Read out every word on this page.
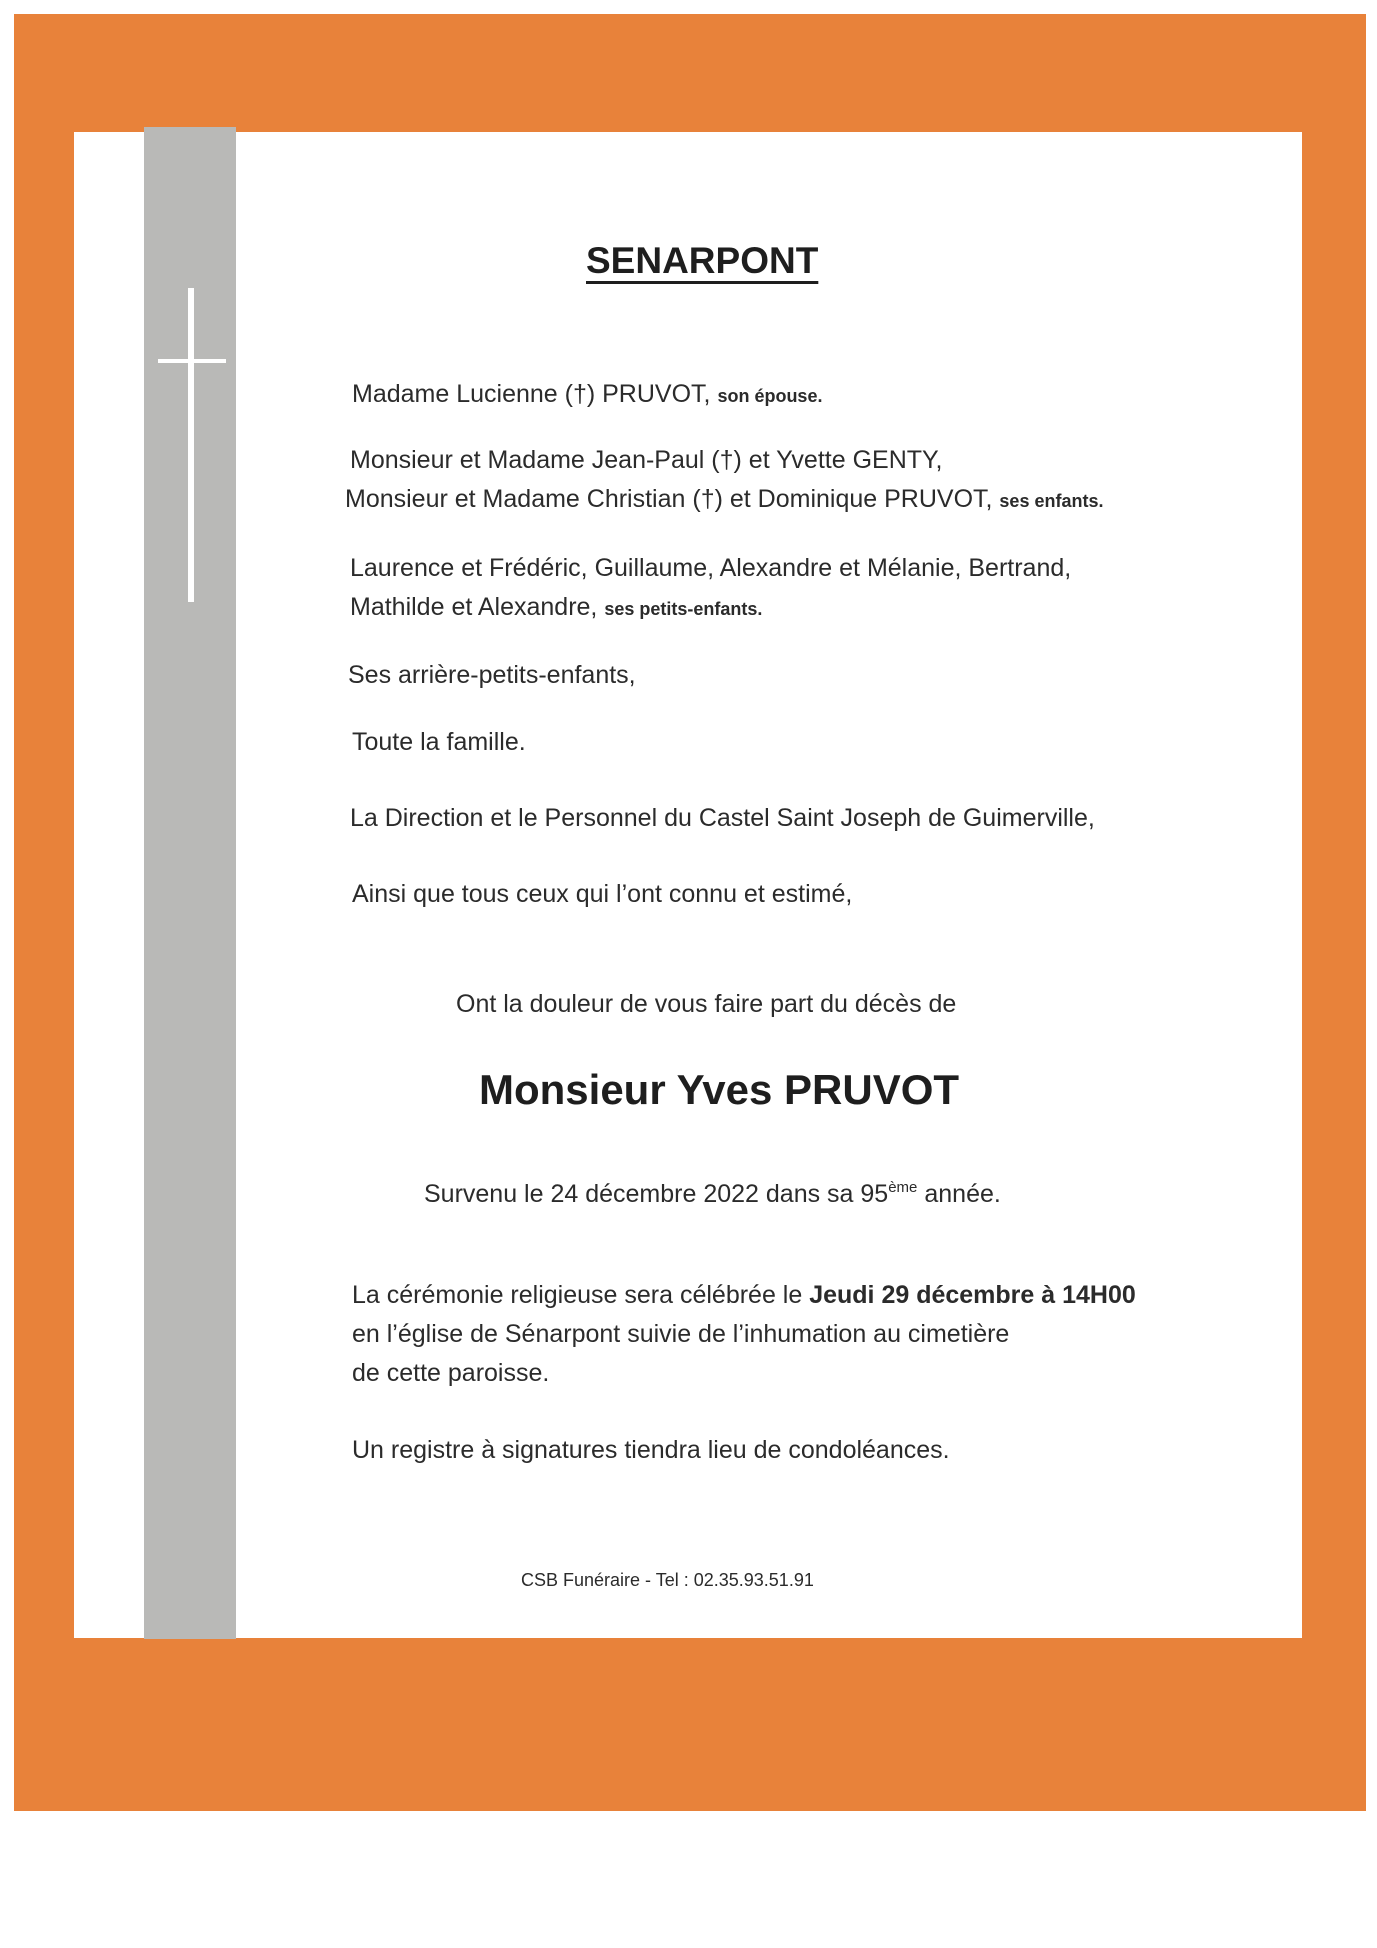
SENARPONT
Madame Lucienne (†) PRUVOT, son épouse.
Monsieur et Madame Jean-Paul (†) et Yvette GENTY,
Monsieur et Madame Christian (†) et Dominique PRUVOT, ses enfants.
Laurence et Frédéric, Guillaume, Alexandre et Mélanie, Bertrand,
Mathilde et Alexandre, ses petits-enfants.
Ses arrière-petits-enfants,
Toute la famille.
La Direction et le Personnel du Castel Saint Joseph de Guimerville,
Ainsi que tous ceux qui l’ont connu et estimé,
Ont la douleur de vous faire part du décès de
Monsieur Yves PRUVOT
Survenu le 24 décembre 2022 dans sa 95ème année.
La cérémonie religieuse sera célébrée le Jeudi 29 décembre à 14H00
en l’église de Sénarpont suivie de l’inhumation au cimetière
de cette paroisse.
Un registre à signatures tiendra lieu de condoléances.
CSB Funéraire - Tel : 02.35.93.51.91
